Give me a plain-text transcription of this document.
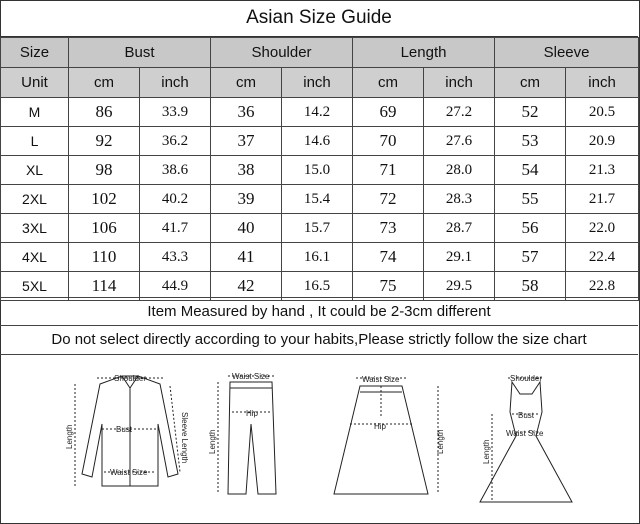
Asian Size Guide
Size	Bust		Shoulder		Length		Sleeve	
Unit	cm	inch	cm	inch	cm	inch	cm	inch
M	86	33.9	36	14.2	69	27.2	52	20.5
L	92	36.2	37	14.6	70	27.6	53	20.9
XL	98	38.6	38	15.0	71	28.0	54	21.3
2XL	102	40.2	39	15.4	72	28.3	55	21.7
3XL	106	41.7	40	15.7	73	28.7	56	22.0
4XL	110	43.3	41	16.1	74	29.1	57	22.4
5XL	114	44.9	42	16.5	75	29.5	58	22.8
Item Measured by hand , It could be 2-3cm different
Do not select directly according to your habits,Please strictly follow the size chart
Shoulder
Bust
Waist Size
Length	Sleeve Length
Waist Size
Hip
Length
Waist Size
Hip
Length
Shoulder
Bust
Waist Size
Length
